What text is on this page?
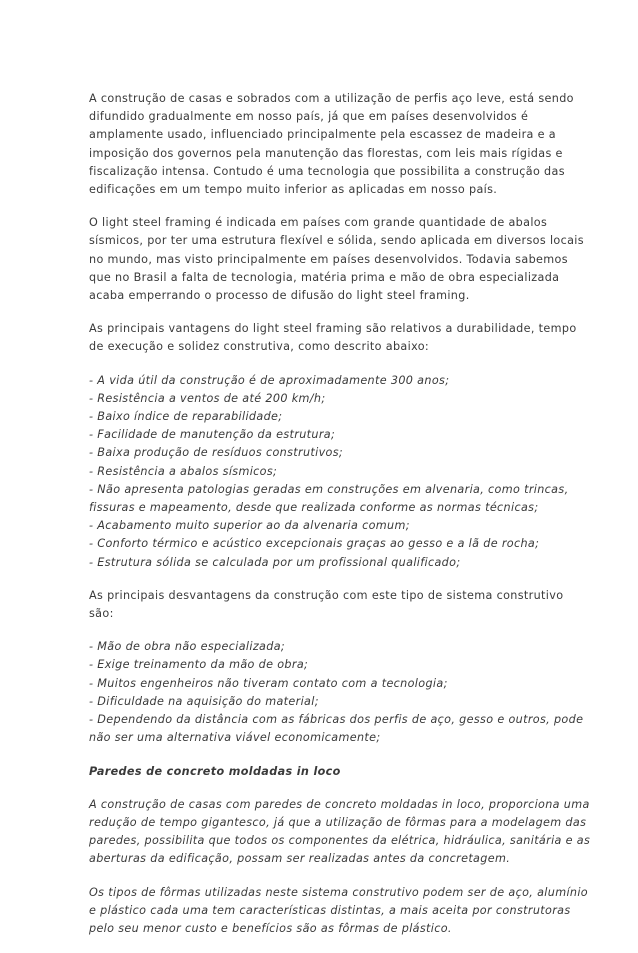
A construção de casas e sobrados com a utilização de perfis aço leve, está sendo
difundido gradualmente em nosso país, já que em países desenvolvidos é
amplamente usado, influenciado principalmente pela escassez de madeira e a
imposição dos governos pela manutenção das florestas, com leis mais rígidas e
fiscalização intensa. Contudo é uma tecnologia que possibilita a construção das
edificações em um tempo muito inferior as aplicadas em nosso país.
O light steel framing é indicada em países com grande quantidade de abalos
sísmicos, por ter uma estrutura flexível e sólida, sendo aplicada em diversos locais
no mundo, mas visto principalmente em países desenvolvidos. Todavia sabemos
que no Brasil a falta de tecnologia, matéria prima e mão de obra especializada
acaba emperrando o processo de difusão do light steel framing.
As principais vantagens do light steel framing são relativos a durabilidade, tempo
de execução e solidez construtiva, como descrito abaixo:
- A vida útil da construção é de aproximadamente 300 anos;
- Resistência a ventos de até 200 km/h;
- Baixo índice de reparabilidade;
- Facilidade de manutenção da estrutura;
- Baixa produção de resíduos construtivos;
- Resistência a abalos sísmicos;
- Não apresenta patologias geradas em construções em alvenaria, como trincas,
fissuras e mapeamento, desde que realizada conforme as normas técnicas;
- Acabamento muito superior ao da alvenaria comum;
- Conforto térmico e acústico excepcionais graças ao gesso e a lã de rocha;
- Estrutura sólida se calculada por um profissional qualificado;
As principais desvantagens da construção com este tipo de sistema construtivo
são:
- Mão de obra não especializada;
- Exige treinamento da mão de obra;
- Muitos engenheiros não tiveram contato com a tecnologia;
- Dificuldade na aquisição do material;
- Dependendo da distância com as fábricas dos perfis de aço, gesso e outros, pode
não ser uma alternativa viável economicamente;
Paredes de concreto moldadas in loco
A construção de casas com paredes de concreto moldadas in loco, proporciona uma
redução de tempo gigantesco, já que a utilização de fôrmas para a modelagem das
paredes, possibilita que todos os componentes da elétrica, hidráulica, sanitária e as
aberturas da edificação, possam ser realizadas antes da concretagem.
Os tipos de fôrmas utilizadas neste sistema construtivo podem ser de aço, alumínio
e plástico cada uma tem características distintas, a mais aceita por construtoras
pelo seu menor custo e benefícios são as fôrmas de plástico.
